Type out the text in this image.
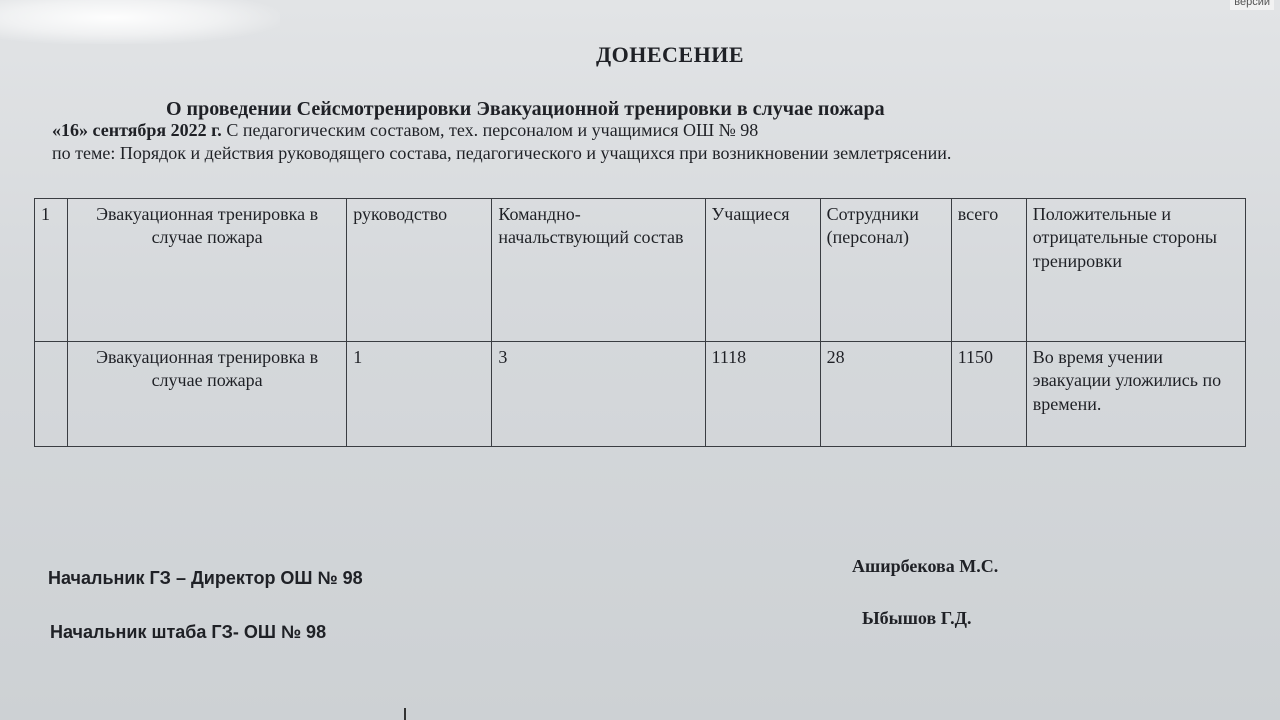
версии
ДОНЕСЕНИЕ
О проведении Сейсмотренировки Эвакуационной тренировки в случае пожара
«16» сентября 2022 г. С педагогическим составом, тех. персоналом и учащимися ОШ № 98
по теме: Порядок и действия руководящего состава, педагогического и учащихся при возникновении землетрясении.
1	Эвакуационная тренировка в случае пожара	руководство	Командно-начальствующий состав	Учащиеся	Сотрудники (персонал)	всего	Положительные и отрицательные стороны тренировки
	Эвакуационная тренировка в случае пожара	1	3	1118	28	1150	Во время учении эвакуации уложились по времени.
Начальник ГЗ – Директор ОШ № 98
Аширбекова М.С.
Начальник штаба ГЗ- ОШ № 98
Ыбышов Г.Д.
